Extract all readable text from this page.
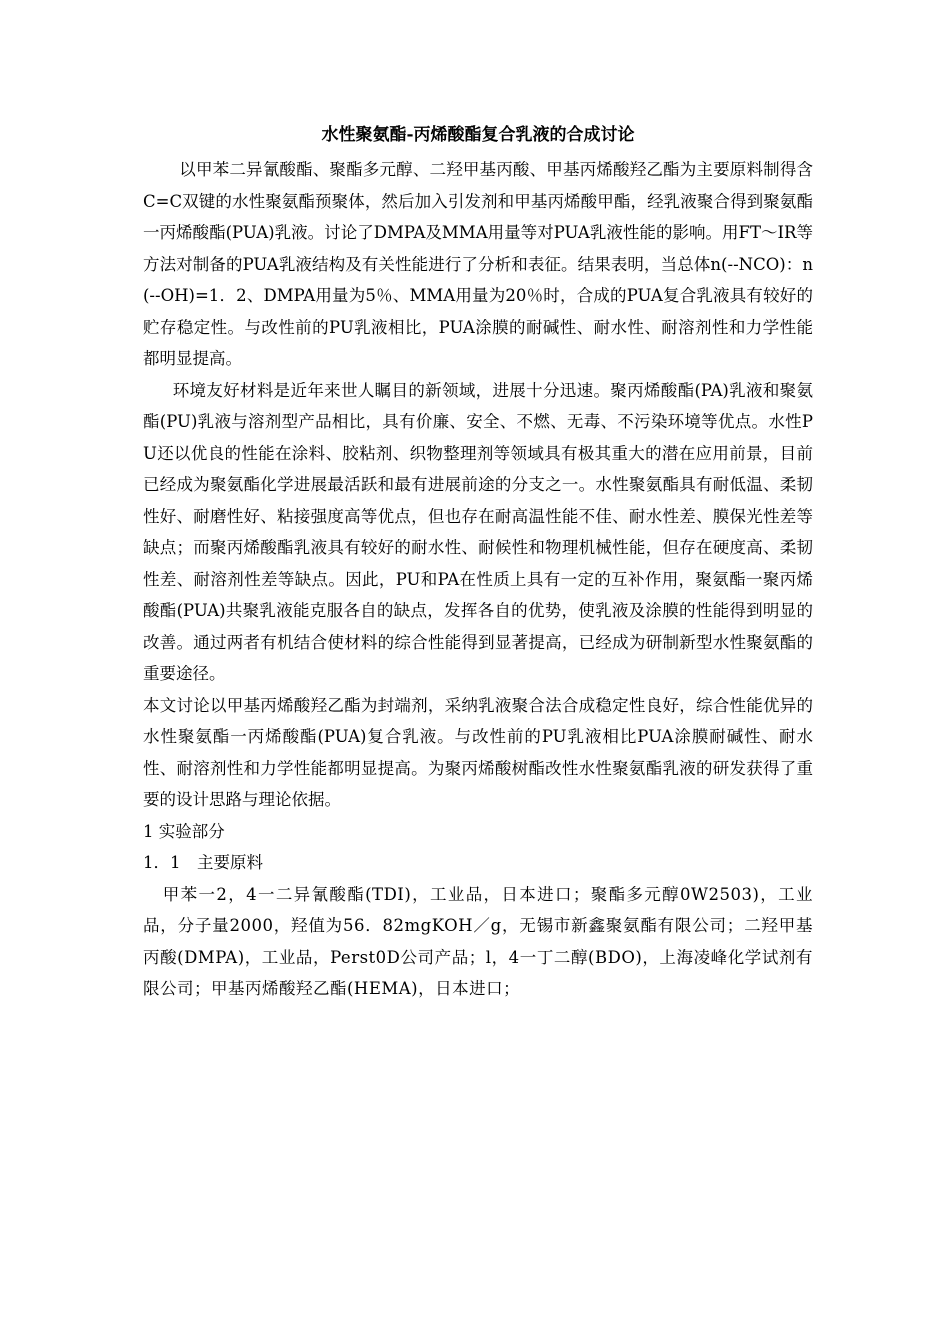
水性聚氨酯-丙烯酸酯复合乳液的合成讨论

以甲苯二异氰酸酯、聚酯多元醇、二羟甲基丙酸、甲基丙烯酸羟乙酯为主要原料制得含C=C双键的水性聚氨酯预聚体，然后加入引发剂和甲基丙烯酸甲酯，经乳液聚合得到聚氨酯一丙烯酸酯(PUA)乳液。讨论了DMPA及MMA用量等对PUA乳液性能的影响。用FT～IR等方法对制备的PUA乳液结构及有关性能进行了分析和表征。结果表明，当总体n(--NCO)：n(--OH)=1．2、DMPA用量为5％、MMA用量为20％时，合成的PUA复合乳液具有较好的贮存稳定性。与改性前的PU乳液相比，PUA涂膜的耐碱性、耐水性、耐溶剂性和力学性能都明显提高。

环境友好材料是近年来世人瞩目的新领域，进展十分迅速。聚丙烯酸酯(PA)乳液和聚氨酯(PU)乳液与溶剂型产品相比，具有价廉、安全、不燃、无毒、不污染环境等优点。水性PU还以优良的性能在涂料、胶粘剂、织物整理剂等领域具有极其重大的潜在应用前景，目前已经成为聚氨酯化学进展最活跃和最有进展前途的分支之一。水性聚氨酯具有耐低温、柔韧性好、耐磨性好、粘接强度高等优点，但也存在耐高温性能不佳、耐水性差、膜保光性差等缺点；而聚丙烯酸酯乳液具有较好的耐水性、耐候性和物理机械性能，但存在硬度高、柔韧性差、耐溶剂性差等缺点。因此，PU和PA在性质上具有一定的互补作用，聚氨酯一聚丙烯酸酯(PUA)共聚乳液能克服各自的缺点，发挥各自的优势，使乳液及涂膜的性能得到明显的改善。通过两者有机结合使材料的综合性能得到显著提高，已经成为研制新型水性聚氨酯的重要途径。

本文讨论以甲基丙烯酸羟乙酯为封端剂，采纳乳液聚合法合成稳定性良好，综合性能优异的水性聚氨酯一丙烯酸酯(PUA)复合乳液。与改性前的PU乳液相比PUA涂膜耐碱性、耐水性、耐溶剂性和力学性能都明显提高。为聚丙烯酸树酯改性水性聚氨酯乳液的研发获得了重要的设计思路与理论依据。

1 实验部分

1．1　主要原料

甲苯一2，4一二异氰酸酯(TDI)，工业品，日本进口；聚酯多元醇0W2503)，工业品，分子量2000，羟值为56．82mgKOH／g，无锡市新鑫聚氨酯有限公司；二羟甲基丙酸(DMPA)，工业品，Perst0D公司产品；l，4一丁二醇(BDO)，上海凌峰化学试剂有限公司；甲基丙烯酸羟乙酯(HEMA)，日本进口；
